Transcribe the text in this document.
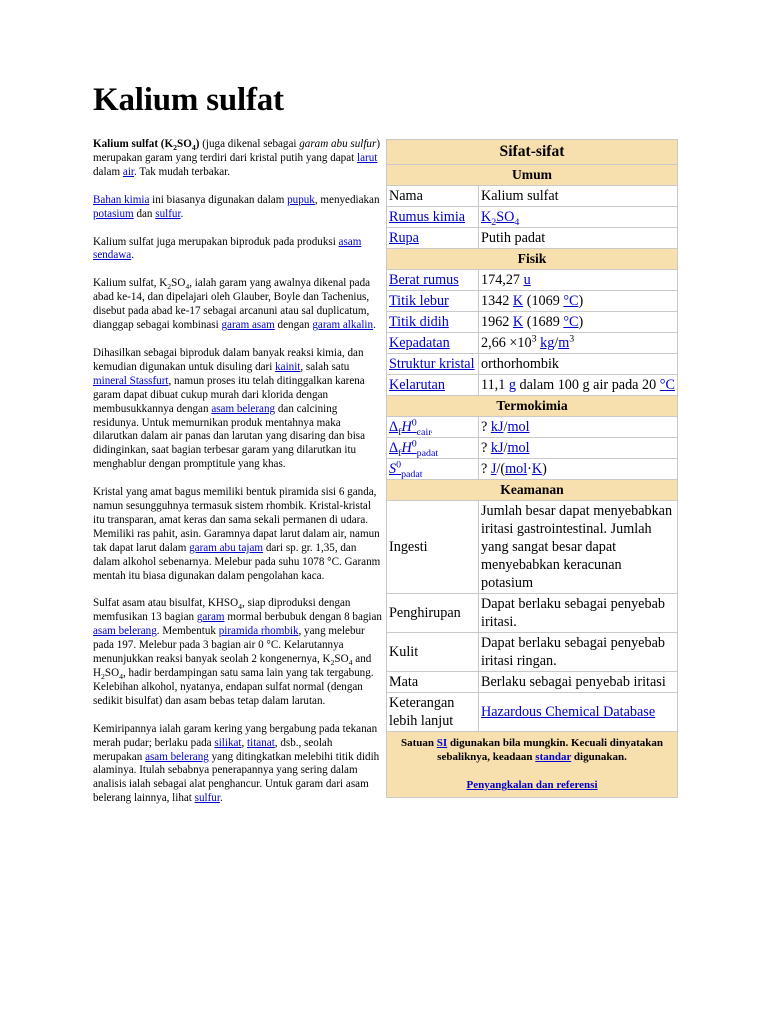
Kalium sulfat

Kalium sulfat $(K_2SO_4)$ (juga dikenal sebagai garam abu sulfur) merupakan garam yang terdiri dari kristal putih yang dapat larut dalam air. Tak mudah terbakar.

Bahan kimia ini biasanya digunakan dalam pupuk, menyediakan potasium dan sulfur.

Kalium sulfat juga merupakan biproduk pada produksi asam sendawa.

Kalium sulfat, $K_2SO_4$, ialah garam yang awalnya dikenal pada abad ke-14, dan dipelajari oleh Glauber, Boyle dan Tachenius, disebut pada abad ke-17 sebagai arcanuni atau sal duplicatum, dianggap sebagai kombinasi garam asam dengan garam alkalin.

Dihasilkan sebagai biproduk dalam banyak reaksi kimia, dan kemudian digunakan untuk disuling dari kainit, salah satu mineral Stassfurt, namun proses itu telah ditinggalkan karena garam dapat dibuat cukup murah dari klorida dengan membusukkannya dengan asam belerang dan calcining residunya. Untuk memurnikan produk mentahnya maka dilarutkan dalam air panas dan larutan yang disaring dan bisa didinginkan, saat bagian terbesar garam yang dilarutkan itu menghablur dengan promptitule yang khas.

Kristal yang amat bagus memiliki bentuk piramida sisi 6 ganda, namun sesungguhnya termasuk sistem rhombik. Kristal-kristal itu transparan, amat keras dan sama sekali permanen di udara. Memiliki ras pahit, asin. Garamnya dapat larut dalam air, namun tak dapat larut dalam garam abu tajam dari sp. gr. 1,35, dan dalam alkohol sebenarnya. Melebur pada suhu 1078 °C. Garanm mentah itu biasa digunakan dalam pengolahan kaca.

Sulfat asam atau bisulfat, $KHSO_4$, siap diproduksi dengan memfusikan 13 bagian garam mormal berbubuk dengan 8 bagian asam belerang. Membentuk piramida rhombik, yang melebur pada 197. Melebur pada 3 bagian air 0 °C. Kelarutannya menunjukkan reaksi banyak seolah 2 kongenernya, $K_2SO_4$ and $H_2SO_4$, hadir berdampingan satu sama lain yang tak tergabung. Kelebihan alkohol, nyatanya, endapan sulfat normal (dengan sedikit bisulfat) dan asam bebas tetap dalam larutan.

Kemiripannya ialah garam kering yang bergabung pada tekanan merah pudar; berlaku pada silikat, titanat, dsb., seolah merupakan asam belerang yang ditingkatkan melebihi titik didih alaminya. Itulah sebabnya penerapannya yang sering dalam analisis ialah sebagai alat penghancur. Untuk garam dari asam belerang lainnya, lihat sulfur.

Sifat-sifat	
Umum	
Nama	Kalium sulfat
Rumus kimia	$K_2SO_4$
Rupa	Putih padat
Fisik	
Berat rumus	174,27 u
Titik lebur	1342 K (1069 °C)
Titik didih	1962 K (1689 °C)
Kepadatan	$2,66 \times 10^3$ $kg/m^3$
Struktur kristal	orthorhombik
Kelarutan	11,1 g dalam 100 g air pada 20 °C
Termokimia	
$\Delta_fH^0_{cair}$	? kJ/mol
$\Delta_fH^0_{padat}$	? kJ/mol
$S^0_{padat}$	? J/(mol·K)
Keamanan	
Ingesti	Jumlah besar dapat menyebabkan iritasi gastrointestinal. Jumlah yang sangat besar dapat menyebabkan keracunan potasium
Penghirupan	Dapat berlaku sebagai penyebab iritasi.
Kulit	Dapat berlaku sebagai penyebab iritasi ringan.
Mata	Berlaku sebagai penyebab iritasi
Keterangan lebih lanjut	Hazardous Chemical Database
Satuan SI digunakan bila mungkin. Kecuali dinyatakan sebaliknya, keadaan standar digunakan.
Penyangkalan dan referensi	
